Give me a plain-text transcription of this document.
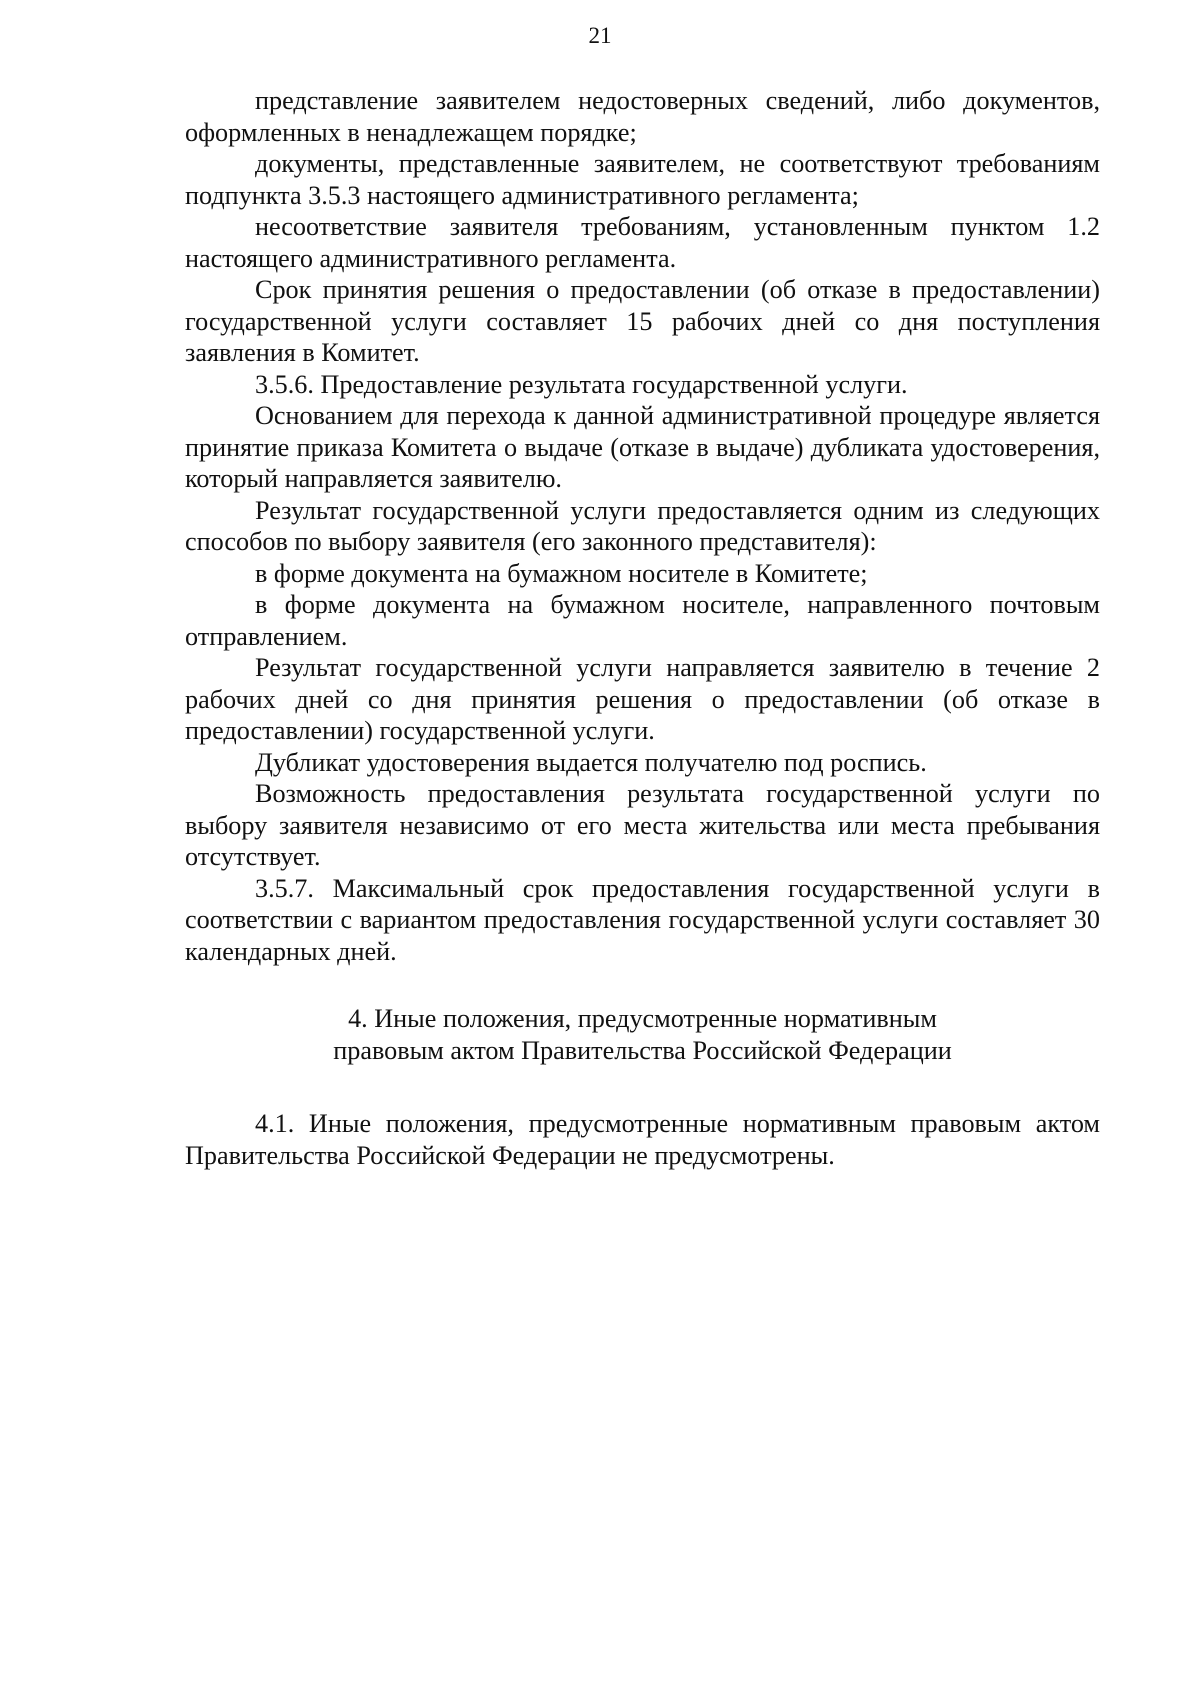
21

представление заявителем недостоверных сведений, либо документов, оформленных в ненадлежащем порядке;

документы, представленные заявителем, не соответствуют требованиям подпункта 3.5.3 настоящего административного регламента;

несоответствие заявителя требованиям, установленным пунктом 1.2 настоящего административного регламента.

Срок принятия решения о предоставлении (об отказе в предоставлении) государственной услуги составляет 15 рабочих дней со дня поступления заявления в Комитет.

3.5.6. Предоставление результата государственной услуги.

Основанием для перехода к данной административной процедуре является принятие приказа Комитета о выдаче (отказе в выдаче) дубликата удостоверения, который направляется заявителю.

Результат государственной услуги предоставляется одним из следующих способов по выбору заявителя (его законного представителя):

в форме документа на бумажном носителе в Комитете;

в форме документа на бумажном носителе, направленного почтовым отправлением.

Результат государственной услуги направляется заявителю в течение 2 рабочих дней со дня принятия решения о предоставлении (об отказе в предоставлении) государственной услуги.

Дубликат удостоверения выдается получателю под роспись.

Возможность предоставления результата государственной услуги по выбору заявителя независимо от его места жительства или места пребывания отсутствует.

3.5.7. Максимальный срок предоставления государственной услуги в соответствии с вариантом предоставления государственной услуги составляет 30 календарных дней.

4. Иные положения, предусмотренные нормативным
правовым актом Правительства Российской Федерации

4.1. Иные положения, предусмотренные нормативным правовым актом Правительства Российской Федерации не предусмотрены.
